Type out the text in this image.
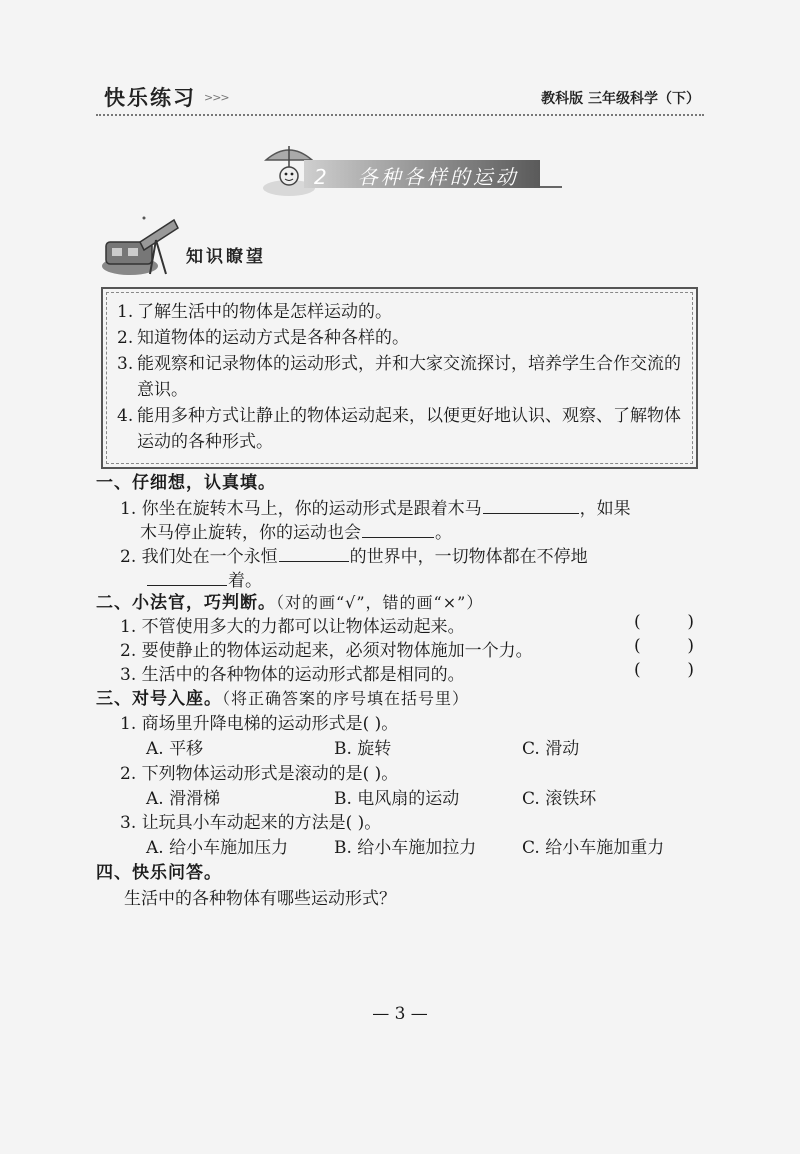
快乐练习 >>>	教科版 三年级科学（下）
2   各种各样的运动
知识瞭望
1. 了解生活中的物体是怎样运动的。
2. 知道物体的运动方式是各种各样的。
3. 能观察和记录物体的运动形式，并和大家交流探讨，培养学生合作交流的意识。
4. 能用多种方式让静止的物体运动起来，以便更好地认识、观察、了解物体运动的各种形式。
一、仔细想，认真填。
1. 你坐在旋转木马上，你的运动形式是跟着木马	，如果
木马停止旋转，你的运动也会	。
2. 我们处在一个永恒	的世界中，一切物体都在不停地
着。
二、小法官，巧判断。（对的画“√”，错的画“×”）
1. 不管使用多大的力都可以让物体运动起来。	(	)
2. 要使静止的物体运动起来，必须对物体施加一个力。	(	)
3. 生活中的各种物体的运动形式都是相同的。	(	)
三、对号入座。（将正确答案的序号填在括号里）
1. 商场里升降电梯的运动形式是( )。
A. 平移	B. 旋转	C. 滑动
2. 下列物体运动形式是滚动的是( )。
A. 滑滑梯	B. 电风扇的运动	C. 滚铁环
3. 让玩具小车动起来的方法是( )。
A. 给小车施加压力	B. 给小车施加拉力	C. 给小车施加重力
四、快乐问答。
生活中的各种物体有哪些运动形式？
— 3 —
